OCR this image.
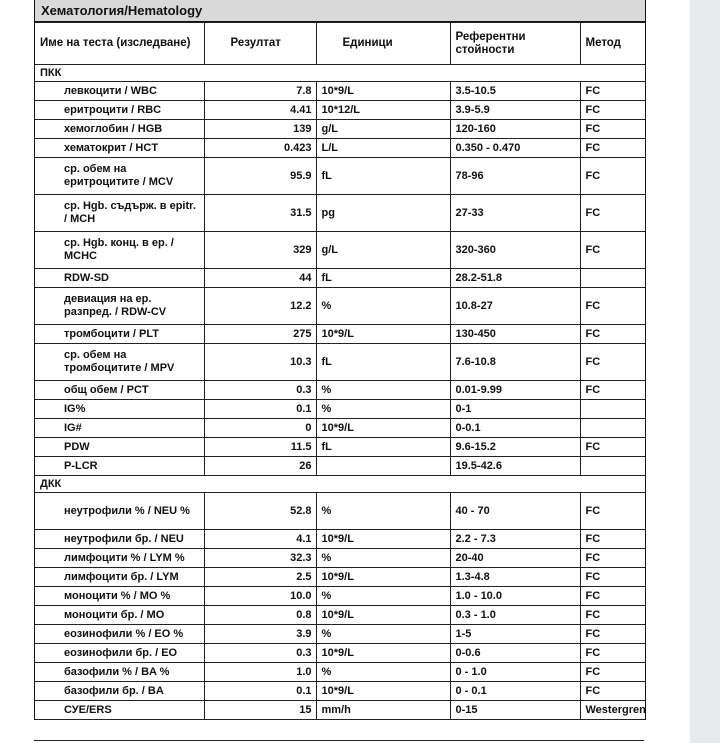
Хематология/Hematology
Име на теста (изследване)	Резултат	Единици	Референтни стойности	Метод
ПКК				
левкоцити / WBC	7.8	10*9/L	3.5-10.5	FC
еритроцити / RBC	4.41	10*12/L	3.9-5.9	FC
хемоглобин / HGB	139	g/L	120-160	FC
хематокрит / HCT	0.423	L/L	0.350 - 0.470	FC
ср. обем на еритроцитите / MCV	95.9	fL	78-96	FC
ср. Hgb. съдърж. в ерitr. / MCH	31.5	pg	27-33	FC
ср. Hgb. конц. в ер. / MCHC	329	g/L	320-360	FC
RDW-SD	44	fL	28.2-51.8	
девиация на ер. разпред. / RDW-CV	12.2	%	10.8-27	FC
тромбоцити / PLT	275	10*9/L	130-450	FC
ср. обем на тромбоцитите / MPV	10.3	fL	7.6-10.8	FC
общ обем / PCT	0.3	%	0.01-9.99	FC
IG%	0.1	%	0-1	
IG#	0	10*9/L	0-0.1	
PDW	11.5	fL	9.6-15.2	FC
P-LCR	26		19.5-42.6	
ДКК				
неутрофили % / NEU %	52.8	%	40 - 70	FC
неутрофили бр. / NEU	4.1	10*9/L	2.2 - 7.3	FC
лимфоцити % / LYM %	32.3	%	20-40	FC
лимфоцити бр. / LYM	2.5	10*9/L	1.3-4.8	FC
моноцити % / MO %	10.0	%	1.0 - 10.0	FC
моноцити бр. / MO	0.8	10*9/L	0.3 - 1.0	FC
еозинофили % / EO %	3.9	%	1-5	FC
еозинофили бр. / EO	0.3	10*9/L	0-0.6	FC
базофили % / BA %	1.0	%	0 - 1.0	FC
базофили бр. / BA	0.1	10*9/L	0 - 0.1	FC
СУЕ/ERS	15	mm/h	0-15	Westergren
